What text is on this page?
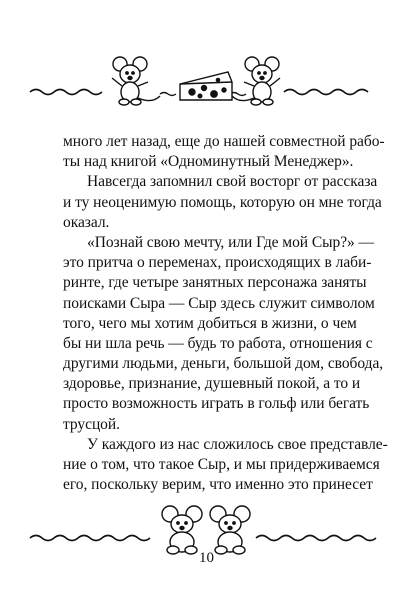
много лет назад, еще до нашей совместной рабо-
ты над книгой «Одноминутный Менеджер».
Навсегда запомнил свой восторг от рассказа
и ту неоценимую помощь, которую он мне тогда
оказал.
«Познай свою мечту, или Где мой Сыр?» —
это притча о переменах, происходящих в лаби-
ринте, где четыре занятных персонажа заняты
поисками Сыра — Сыр здесь служит символом
того, чего мы хотим добиться в жизни, о чем
бы ни шла речь — будь то работа, отношения с
другими людьми, деньги, большой дом, свобода,
здоровье, признание, душевный покой, а то и
просто возможность играть в гольф или бегать
трусцой.
У каждого из нас сложилось свое представле-
ние о том, что такое Сыр, и мы придерживаемся
его, поскольку верим, что именно это принесет
10
